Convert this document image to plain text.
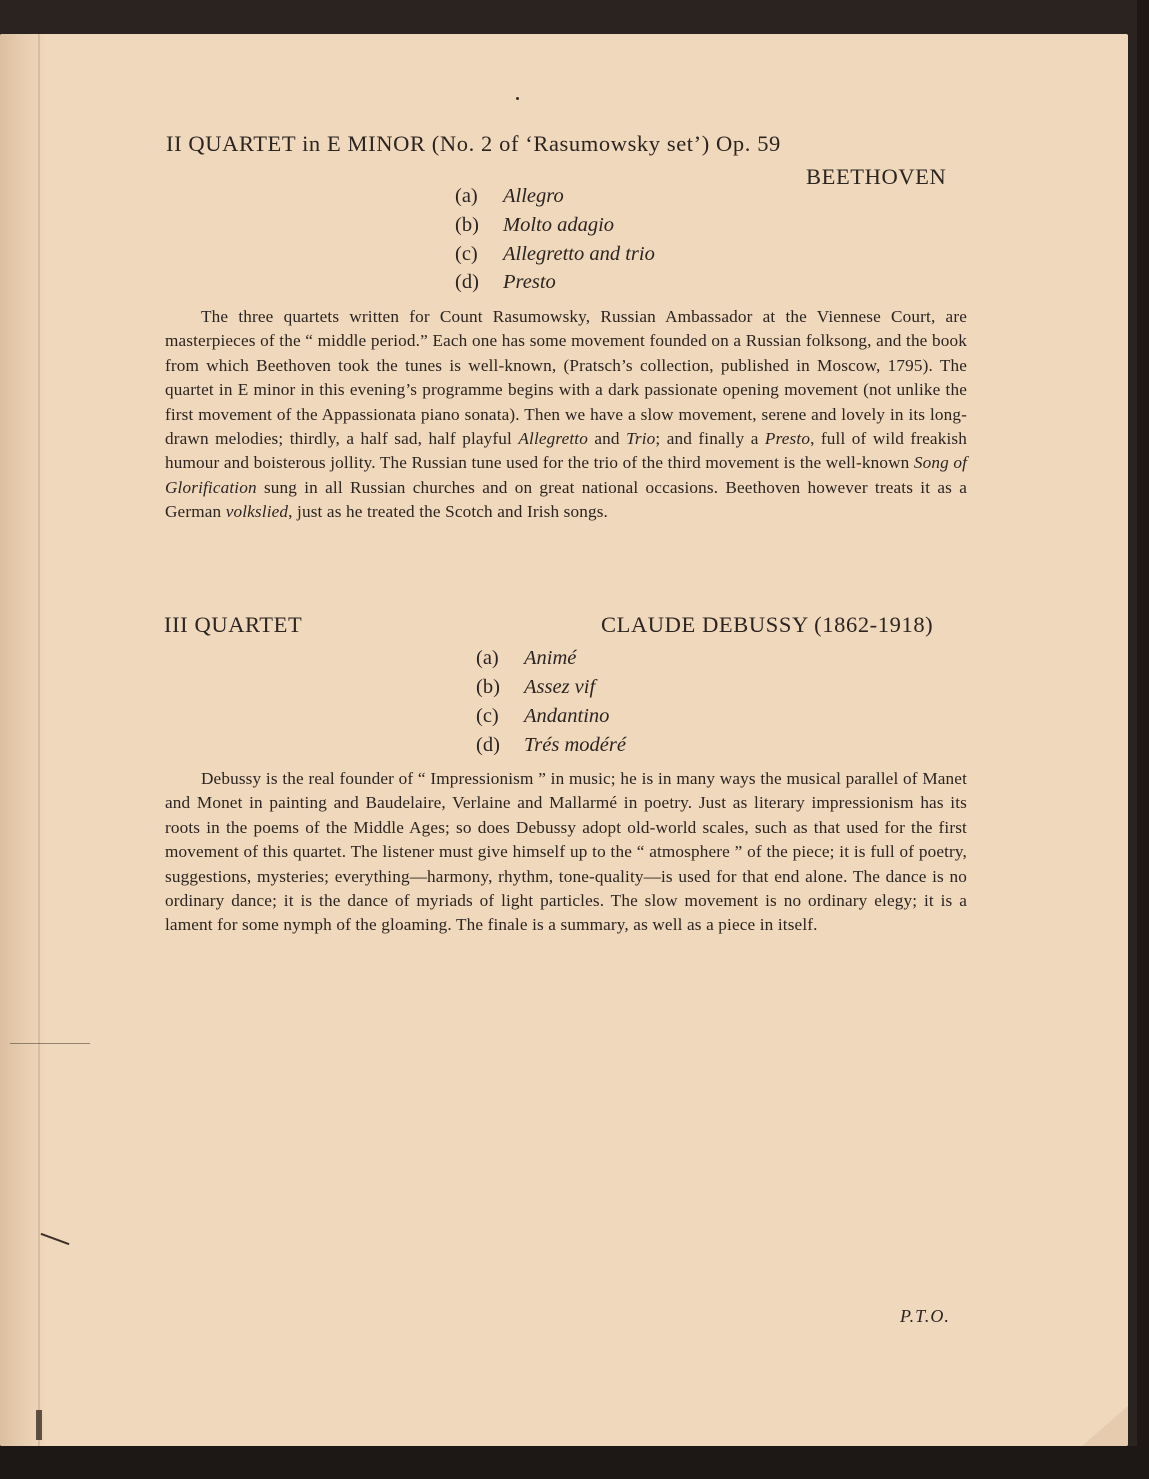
II QUARTET in E MINOR (No. 2 of ‘Rasumowsky set’) Op. 59
BEETHOVEN
(a) Allegro
(b) Molto adagio
(c) Allegretto and trio
(d) Presto
The three quartets written for Count Rasumowsky, Russian Ambassador at the Viennese Court, are masterpieces of the “ middle period.” Each one has some movement founded on a Russian folksong, and the book from which Beethoven took the tunes is well-known, (Pratsch’s collection, published in Moscow, 1795). The quartet in E minor in this evening’s programme begins with a dark passionate opening movement (not unlike the first movement of the Appassionata piano sonata). Then we have a slow movement, serene and lovely in its long-drawn melodies; thirdly, a half sad, half playful Allegretto and Trio; and finally a Presto, full of wild freakish humour and boisterous jollity. The Russian tune used for the trio of the third movement is the well-known Song of Glorification sung in all Russian churches and on great national occasions. Beethoven however treats it as a German volkslied, just as he treated the Scotch and Irish songs.
III QUARTET	CLAUDE DEBUSSY (1862-1918)
(a) Animé
(b) Assez vif
(c) Andantino
(d) Trés modéré
Debussy is the real founder of “ Impressionism ” in music; he is in many ways the musical parallel of Manet and Monet in painting and Baudelaire, Verlaine and Mallarmé in poetry. Just as literary impressionism has its roots in the poems of the Middle Ages; so does Debussy adopt old-world scales, such as that used for the first movement of this quartet. The listener must give himself up to the “ atmosphere ” of the piece; it is full of poetry, suggestions, mysteries; everything—harmony, rhythm, tone-quality—is used for that end alone. The dance is no ordinary dance; it is the dance of myriads of light particles. The slow movement is no ordinary elegy; it is a lament for some nymph of the gloaming. The finale is a summary, as well as a piece in itself.
P.T.O.
